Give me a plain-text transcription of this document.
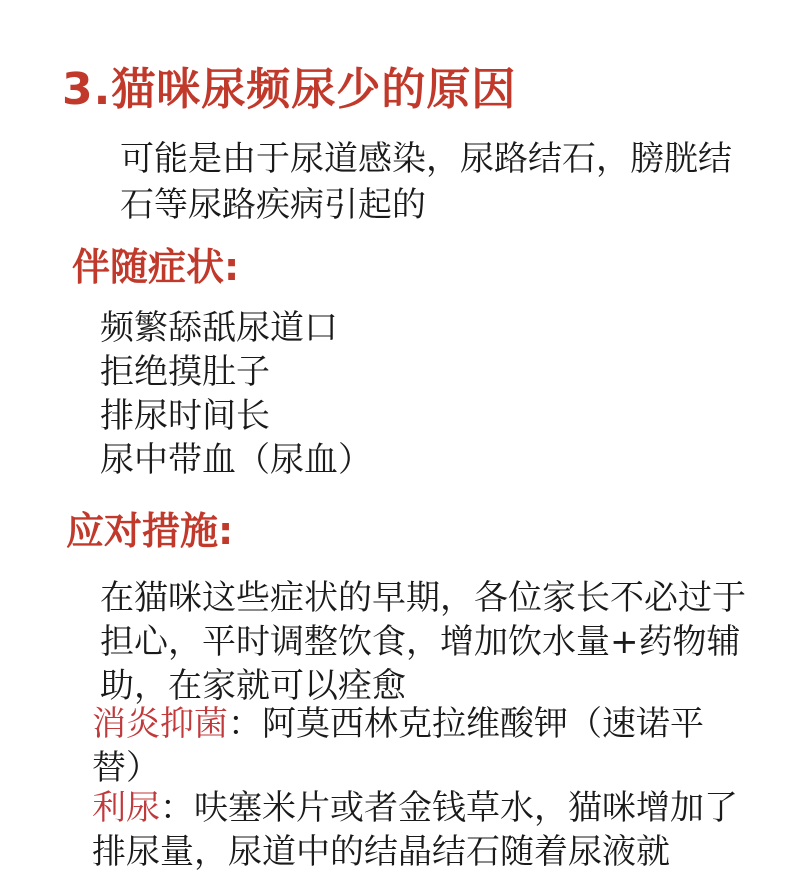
3.猫咪尿频尿少的原因
可能是由于尿道感染，尿路结石，膀胱结石等尿路疾病引起的
伴随症状:
频繁舔舐尿道口
拒绝摸肚子
排尿时间长
尿中带血（尿血）
应对措施:
在猫咪这些症状的早期，各位家长不必过于担心，平时调整饮食，增加饮水量+药物辅助，在家就可以痊愈
消炎抑菌：阿莫西林克拉维酸钾（速诺平替）
利尿：呋塞米片或者金钱草水，猫咪增加了排尿量，尿道中的结晶结石随着尿液就
